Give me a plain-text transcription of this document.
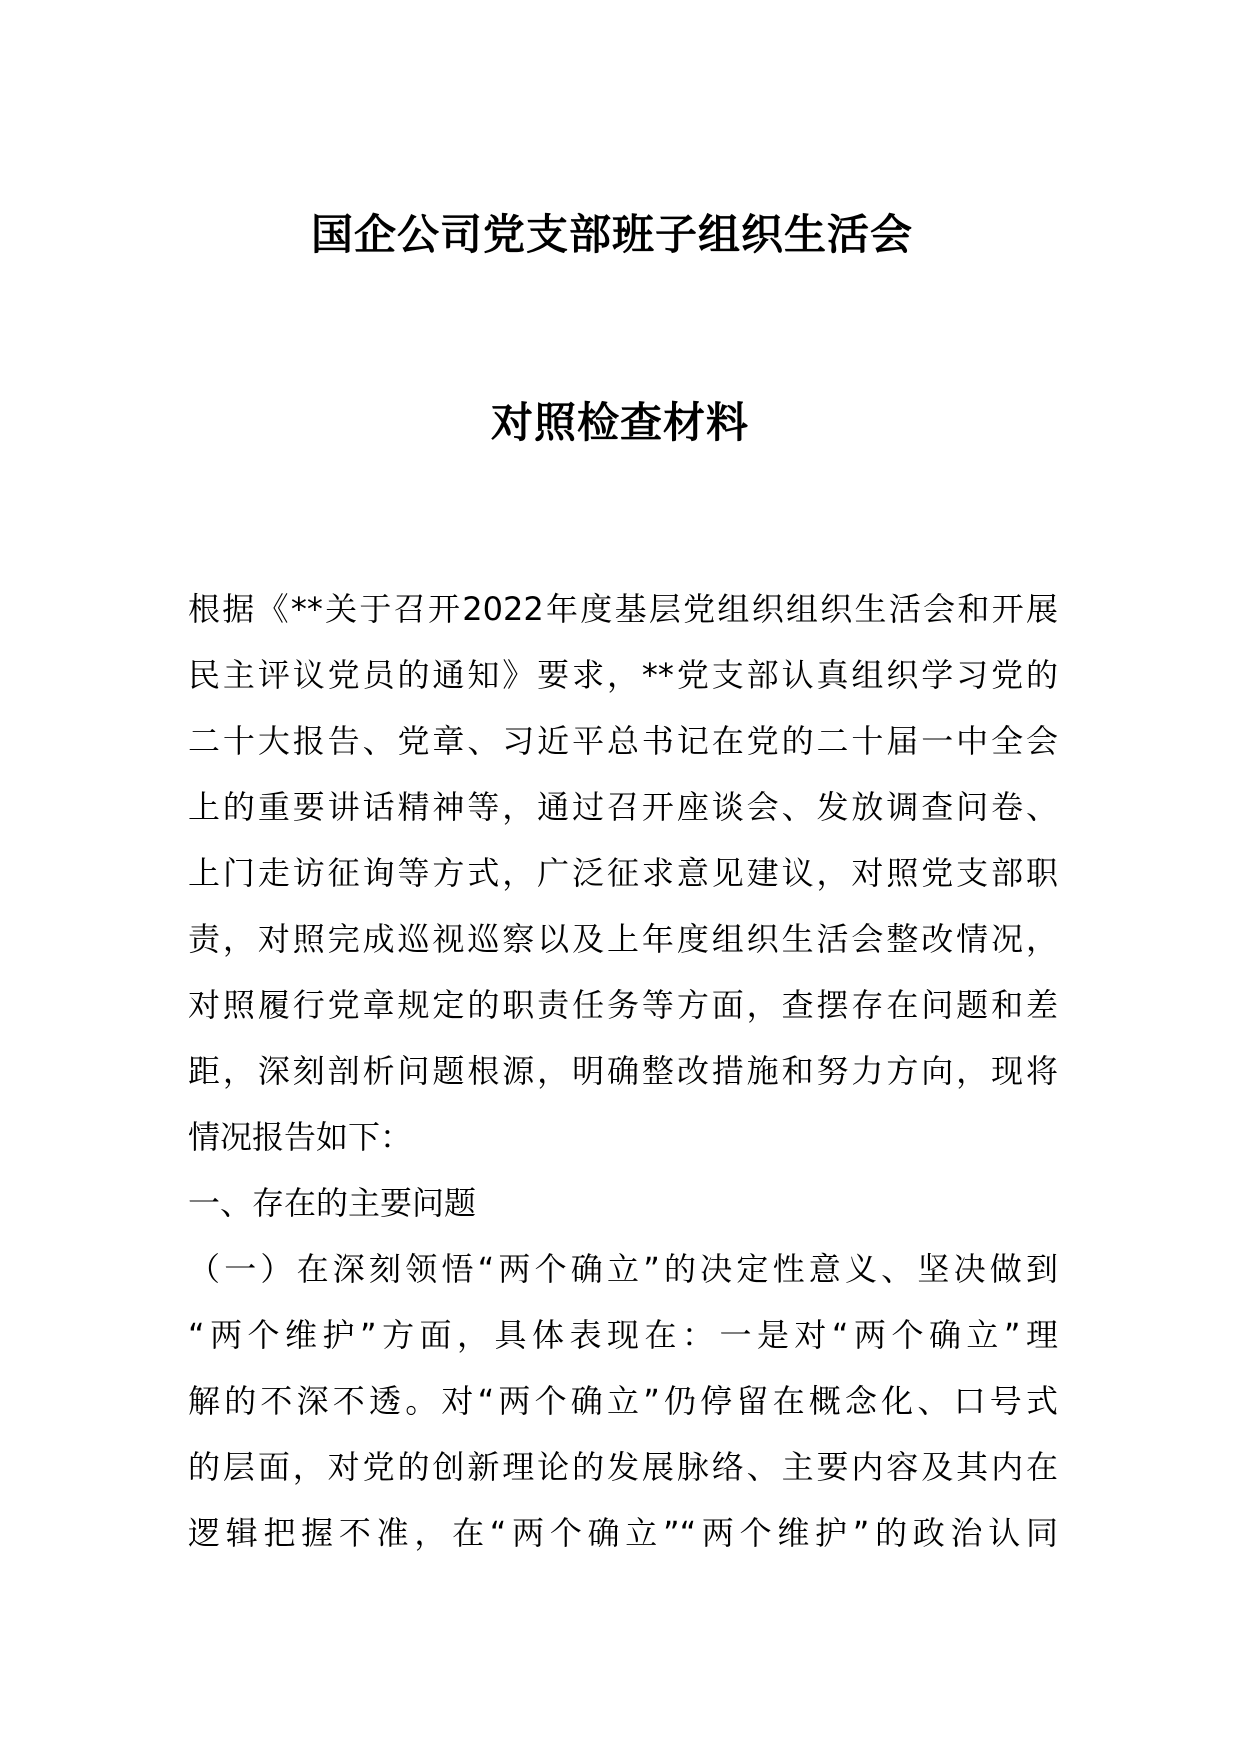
国企公司党支部班子组织生活会
对照检查材料
根据《**关于召开2022年度基层党组织组织生活会和开展
民主评议党员的通知》要求，**党支部认真组织学习党的
二十大报告、党章、习近平总书记在党的二十届一中全会
上的重要讲话精神等，通过召开座谈会、发放调查问卷、
上门走访征询等方式，广泛征求意见建议，对照党支部职
责，对照完成巡视巡察以及上年度组织生活会整改情况，
对照履行党章规定的职责任务等方面，查摆存在问题和差
距，深刻剖析问题根源，明确整改措施和努力方向，现将
情况报告如下：
一、存在的主要问题
（一）在深刻领悟“两个确立”的决定性意义、坚决做到
“两个维护”方面，具体表现在：一是对“两个确立”理
解的不深不透。对“两个确立”仍停留在概念化、口号式
的层面，对党的创新理论的发展脉络、主要内容及其内在
逻辑把握不准，在“两个确立”“两个维护”的政治认同
